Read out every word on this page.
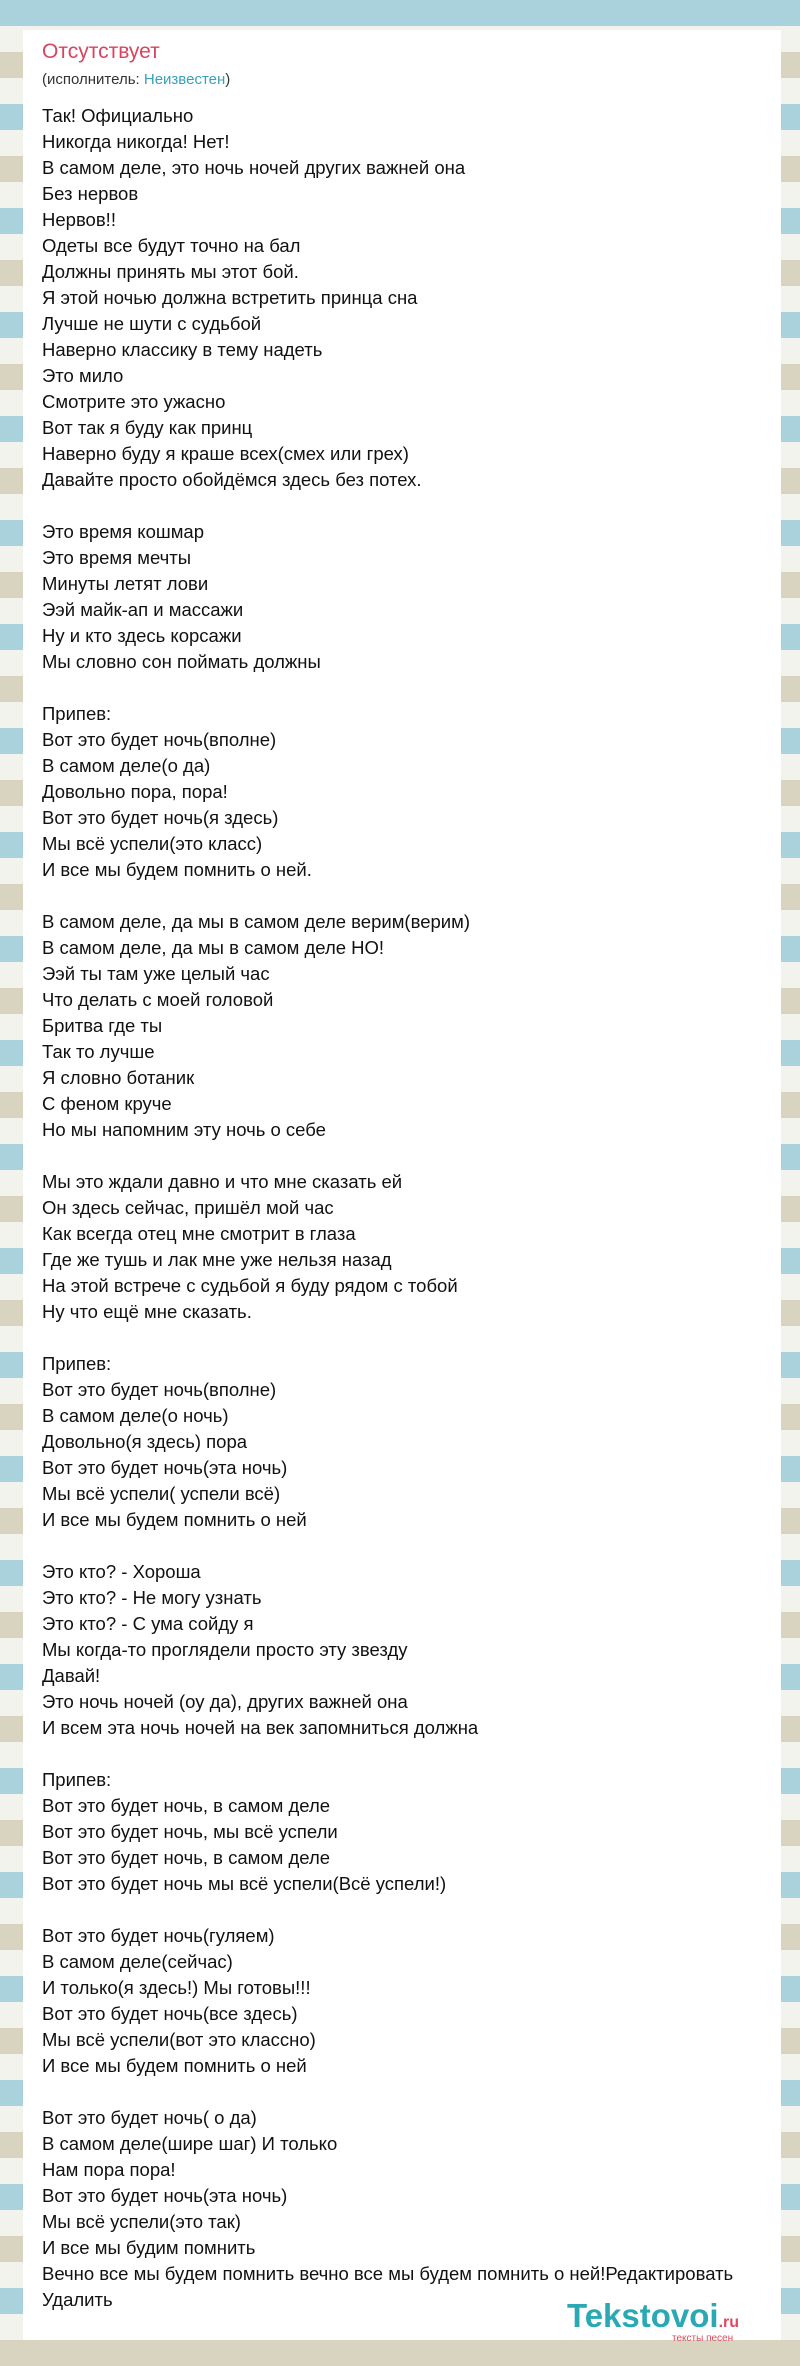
Отсутствует
(исполнитель: Неизвестен)
Так! Официально
Никогда никогда! Нет!
В самом деле, это ночь ночей других важней она
Без нервов
Нервов!!
Одеты все будут точно на бал
Должны принять мы этот бой.
Я этой ночью должна встретить принца сна
Лучше не шути с судьбой
Наверно классику в тему надеть
Это мило
Смотрите это ужасно
Вот так я буду как принц
Наверно буду я краше всех(смех или грех)
Давайте просто обойдёмся здесь без потех.

Это время кошмар
Это время мечты
Минуты летят лови
Ээй майк-ап и массажи
Ну и кто здесь корсажи
Мы словно сон поймать должны

Припев:
Вот это будет ночь(вполне)
В самом деле(о да)
Довольно пора, пора!
Вот это будет ночь(я здесь)
Мы всё успели(это класс)
И все мы будем помнить о ней.

В самом деле, да мы в самом деле верим(верим)
В самом деле, да мы в самом деле НО!
Ээй ты там уже целый час
Что делать с моей головой
Бритва где ты
Так то лучше
Я словно ботаник
С феном круче
Но мы напомним эту ночь о себе

Мы это ждали давно и что мне сказать ей
Он здесь сейчас, пришёл мой час
Как всегда отец мне смотрит в глаза
Где же тушь и лак мне уже нельзя назад
На этой встрече с судьбой я буду рядом с тобой
Ну что ещё мне сказать.

Припев:
Вот это будет ночь(вполне)
В самом деле(о ночь)
Довольно(я здесь) пора
Вот это будет ночь(эта ночь)
Мы всё успели( успели всё)
И все мы будем помнить о ней

Это кто? - Хороша
Это кто? - Не могу узнать
Это кто? - С ума сойду я
Мы когда-то проглядели просто эту звезду
Давай!
Это ночь ночей (оу да), других важней она
И всем эта ночь ночей на век запомниться должна

Припев:
Вот это будет ночь, в самом деле
Вот это будет ночь, мы всё успели
Вот это будет ночь, в самом деле
Вот это будет ночь мы всё успели(Всё успели!)

Вот это будет ночь(гуляем)
В самом деле(сейчас)
И только(я здесь!) Мы готовы!!!
Вот это будет ночь(все здесь)
Мы всё успели(вот это классно)
И все мы будем помнить о ней

Вот это будет ночь( о да)
В самом деле(шире шаг) И только
Нам пора пора!
Вот это будет ночь(эта ночь)
Мы всё успели(это так)
И все мы будим помнить
Вечно все мы будем помнить вечно все мы будем помнить о ней!Редактировать
Удалить	Tekstovoi.ru
тексты песен
